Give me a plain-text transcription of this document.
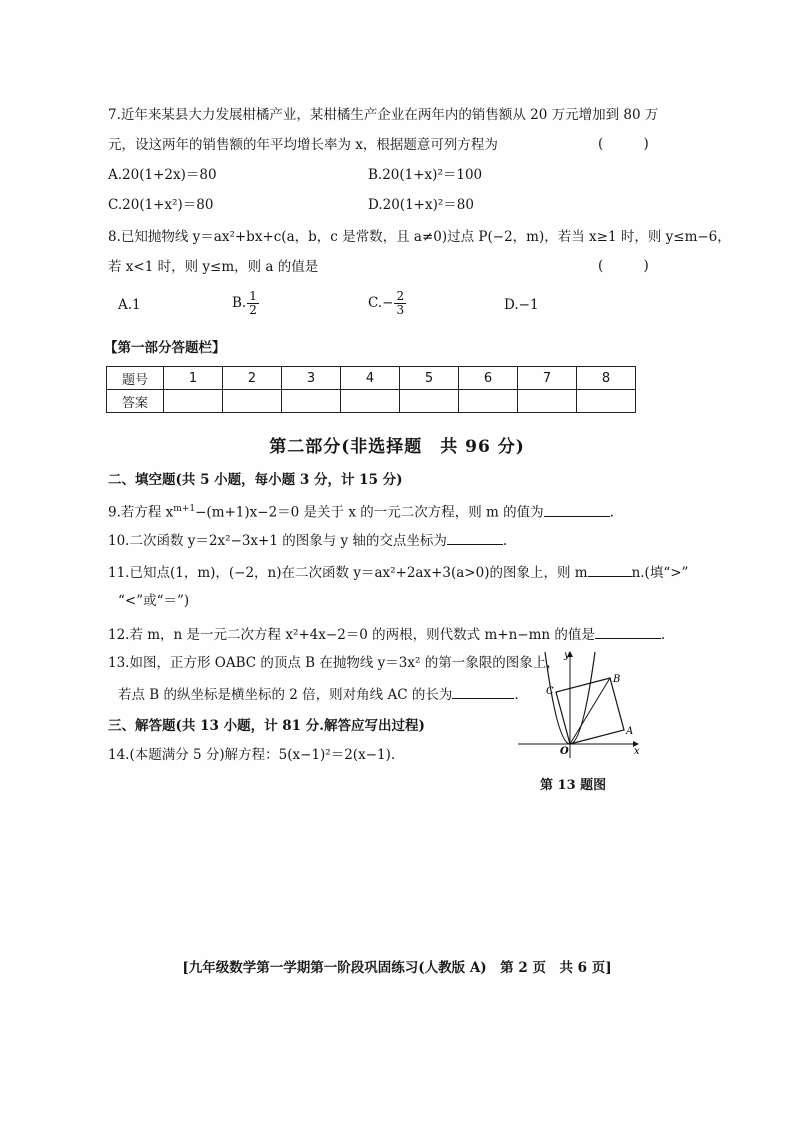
7.近年来某县大力发展柑橘产业，某柑橘生产企业在两年内的销售额从 20 万元增加到 80 万
元，设这两年的销售额的年平均增长率为 x，根据题意可列方程为	( )
A.20(1+2x)＝80	B.20(1+x)²＝100
C.20(1+x²)＝80	D.20(1+x)²＝80
8.已知抛物线 y＝ax²+bx+c(a，b，c 是常数，且 a≠0)过点 P(−2，m)，若当 x≥1 时，则 y≤m−6，
若 x<1 时，则 y≤m，则 a 的值是	( )
A.1	B. $\frac{1}{2}$	$C.- \frac{2}{3}$	D.−1
【第一部分答题栏】
题号	1	2	3	4	5	6	7	8
答案								
第二部分(非选择题　共 96 分)
二、填空题(共 5 小题，每小题 3 分，计 15 分)
9.若方程 $x^{m+1}-(m+1)x-2=0$ 是关于 x 的一元二次方程，则 m 的值为	.
10.二次函数 y＝2x²−3x+1 的图象与 y 轴的交点坐标为	.
11.已知点(1，m)，(−2，n)在二次函数 y＝ax²+2ax+3(a>0)的图象上，则 m	n.(填“>”
“<”或“＝”)
12.若 m，n 是一元二次方程 x²+4x−2＝0 的两根，则代数式 m+n−mn 的值是	.
13.如图，正方形 OABC 的顶点 B 在抛物线 y＝3x² 的第一象限的图象上，
若点 B 的纵坐标是横坐标的 2 倍，则对角线 AC 的长为	.
三、解答题(共 13 小题，计 81 分.解答应写出过程)
14.(本题满分 5 分)解方程：5(x−1)²＝2(x−1).
y
x
O
A
B
C
第 13 题图
[九年级数学第一学期第一阶段巩固练习(人教版 A)　第 2 页　共 6 页]
